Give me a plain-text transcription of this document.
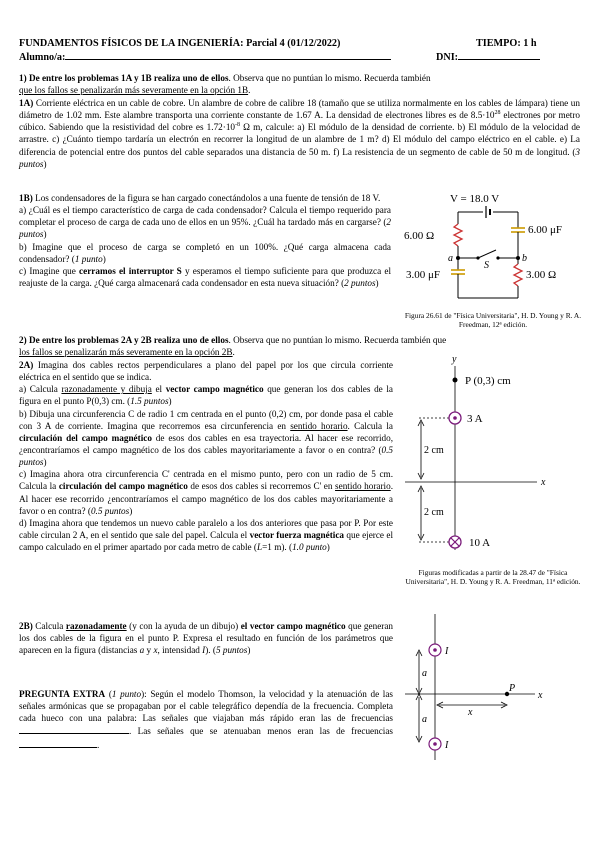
FUNDAMENTOS FÍSICOS DE LA INGENIERÍA: Parcial 4 (01/12/2022)	TIEMPO: 1 h
Alumno/a:	DNI:
1) De entre los problemas 1A y 1B realiza uno de ellos. Observa que no puntúan lo mismo. Recuerda también
que los fallos se penalizarán más severamente en la opción 1B.
1A) Corriente eléctrica en un cable de cobre. Un alambre de cobre de calibre 18 (tamaño que se utiliza normalmente en los cables de lámpara) tiene un diámetro de 1.02 mm. Este alambre transporta una corriente constante de 1.67 A. La densidad de electrones libres es de $8.5\cdot 10^{28}$ electrones por metro cúbico. Sabiendo que la resistividad del cobre es $1.72\cdot 10^{-8}$ Ω m, calcule: a) El módulo de la densidad de corriente. b) El módulo de la velocidad de arrastre. c) ¿Cuánto tiempo tardaría un electrón en recorrer la longitud de un alambre de 1 m? d) El módulo del campo eléctrico en el cable. e) La diferencia de potencial entre dos puntos del cable separados una distancia de 50 m. f) La resistencia de un segmento de cable de 50 m de longitud. (3 puntos)

1B) Los condensadores de la figura se han cargado conectándolos a una fuente de tensión de 18 V.

a) ¿Cuál es el tiempo característico de carga de cada condensador? Calcula el tiempo requerido para completar el proceso de carga de cada uno de ellos en un 95%. ¿Cuál ha tardado más en cargarse? (2 puntos)

b) Imagine que el proceso de carga se completó en un 100%. ¿Qué carga almacena cada condensador? (1 punto)

c) Imagine que cerramos el interruptor S y esperamos el tiempo suficiente para que produzca el reajuste de la carga. ¿Qué carga almacenará cada condensador en esta nueva situación? (2 puntos)

V = 18.0 V
6.00 Ω	6.00 μF
3.00 μF	3.00 Ω
a	b
S
Figura 26.61 de "Física Universitaria", H. D. Young y R. A. Freedman, 12ª edición.
2) De entre los problemas 2A y 2B realiza uno de ellos. Observa que no puntúan lo mismo. Recuerda también que
los fallos se penalizarán más severamente en la opción 2B.

2A) Imagina dos cables rectos perpendiculares a plano del papel por los que circula corriente eléctrica en el sentido que se indica.

a) Calcula razonadamente y dibuja el vector campo magnético que generan los dos cables de la figura en el punto P(0,3) cm. (1.5 puntos)

b) Dibuja una circunferencia C de radio 1 cm centrada en el punto (0,2) cm, por donde pasa el cable con 3 A de corriente. Imagina que recorremos esa circunferencia en sentido horario. Calcula la circulación del campo magnético de esos dos cables en esa trayectoria. Al hacer ese recorrido, ¿encontraríamos el campo magnético de los dos cables mayoritariamente a favor o en contra? (0.5 puntos)

c) Imagina ahora otra circunferencia C' centrada en el mismo punto, pero con un radio de 5 cm. Calcula la circulación del campo magnético de esos dos cables si recorremos C' en sentido horario. Al hacer ese recorrido ¿encontraríamos el campo magnético de los dos cables mayoritariamente a favor o en contra? (0.5 puntos)

d) Imagina ahora que tendemos un nuevo cable paralelo a los dos anteriores que pasa por P. Por este cable circulan 2 A, en el sentido que sale del papel. Calcula el vector fuerza magnética que ejerce el campo calculado en el primer apartado por cada metro de cable (L=1 m). (1.0 punto)

y
x
P (0,3) cm
3 A
10 A
2 cm
2 cm
Figuras modificadas a partir de la 28.47 de "Física Universitaria", H. D. Young y R. A. Freedman, 11ª edición.
2B) Calcula razonadamente (y con la ayuda de un dibujo) el vector campo magnético que generan los dos cables de la figura en el punto P. Expresa el resultado en función de los parámetros que aparecen en la figura (distancias a y x, intensidad I). (5 puntos)	I
I
a
a
P
x
x
PREGUNTA EXTRA (1 punto): Según el modelo Thomson, la velocidad y la atenuación de las señales armónicas que se propagaban por el cable telegráfico dependía de la frecuencia. Completa cada hueco con una palabra: Las señales que viajaban más rápido eran las de frecuencias . Las señales que se atenuaban menos eran las de frecuencias .
